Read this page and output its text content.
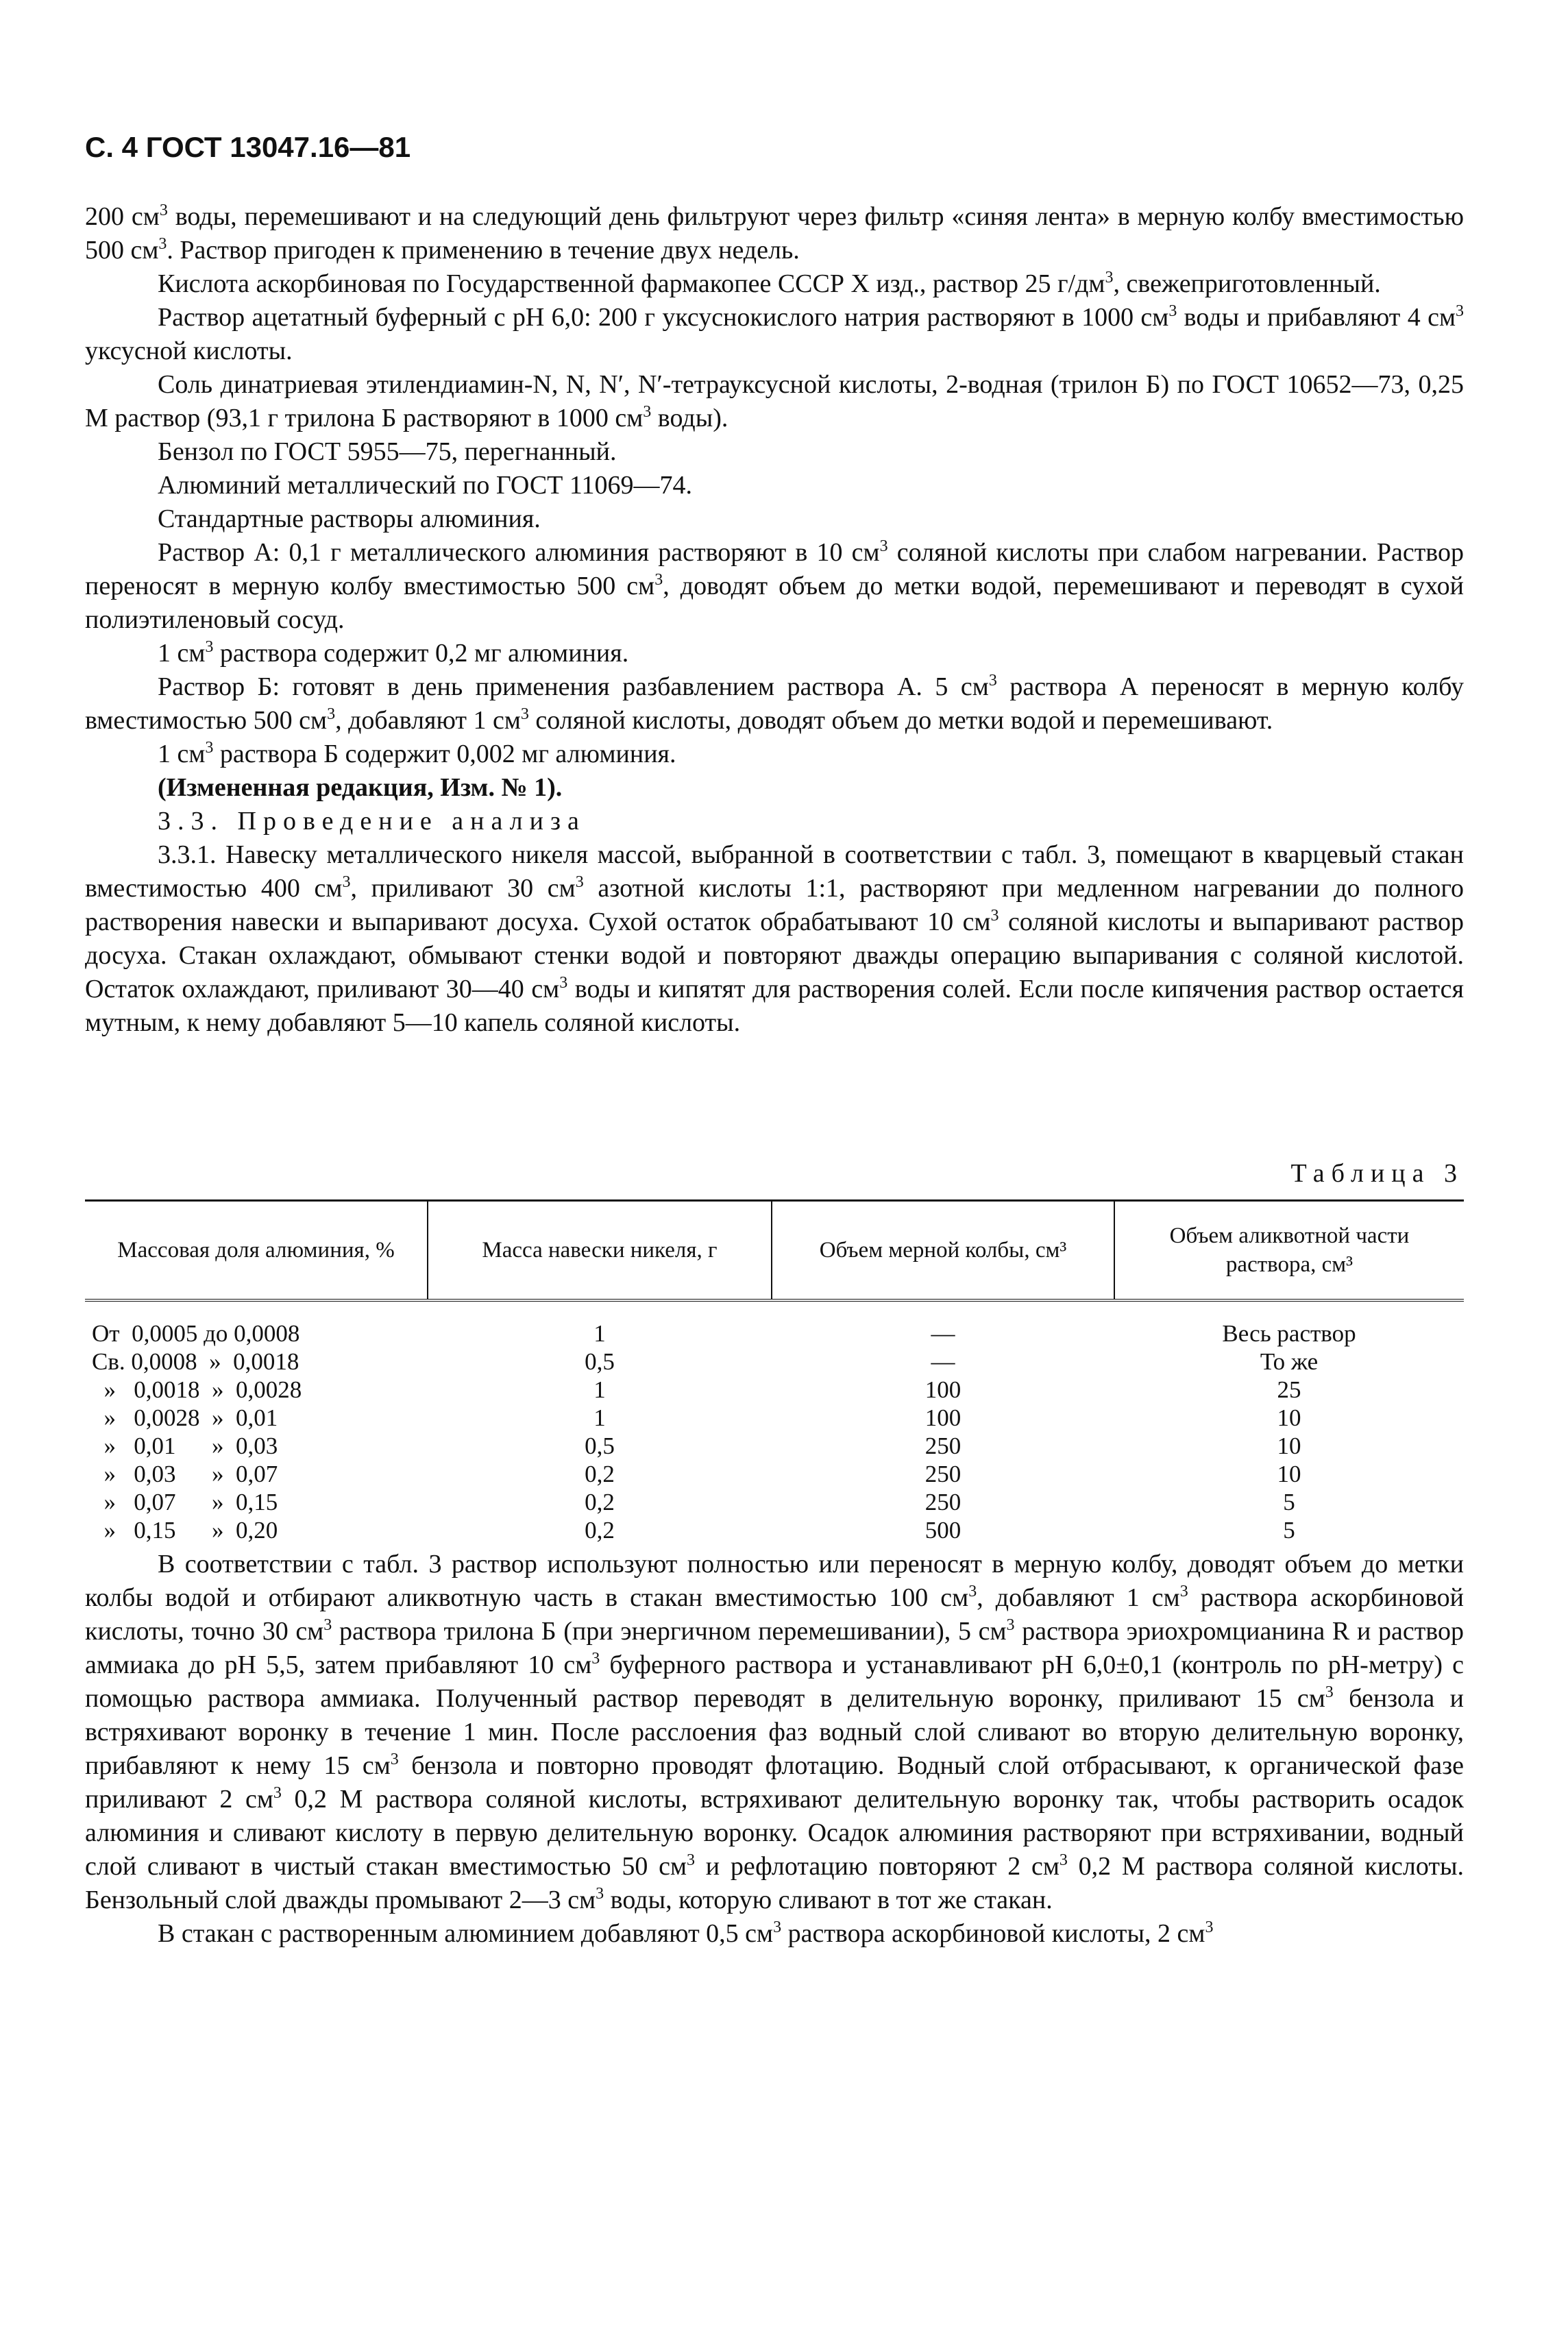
С. 4 ГОСТ 13047.16—81

200 $см^3$ воды, перемешивают и на следующий день фильтруют через фильтр «синяя лента» в мерную колбу вместимостью 500 $см^3$. Раствор пригоден к применению в течение двух недель.

Кислота аскорбиновая по Государственной фармакопее СССР X изд., раствор 25 $г/дм^3$, свежеприготовленный.

Раствор ацетатный буферный с pH 6,0: 200 г уксуснокислого натрия растворяют в 1000 $см^3$ воды и прибавляют 4 $см^3$ уксусной кислоты.

Соль динатриевая этилендиамин-N, N, N′, N′-тетрауксусной кислоты, 2-водная (трилон Б) по ГОСТ 10652—73, 0,25 М раствор (93,1 г трилона Б растворяют в 1000 $см^3$ воды).

Бензол по ГОСТ 5955—75, перегнанный.

Алюминий металлический по ГОСТ 11069—74.

Стандартные растворы алюминия.

Раствор А: 0,1 г металлического алюминия растворяют в 10 $см^3$ соляной кислоты при слабом нагревании. Раствор переносят в мерную колбу вместимостью 500 $см^3$, доводят объем до метки водой, перемешивают и переводят в сухой полиэтиленовый сосуд.

1 $см^3$ раствора содержит 0,2 мг алюминия.

Раствор Б: готовят в день применения разбавлением раствора А. 5 $см^3$ раствора А переносят в мерную колбу вместимостью 500 $см^3$, добавляют 1 $см^3$ соляной кислоты, доводят объем до метки водой и перемешивают.

1 $см^3$ раствора Б содержит 0,002 мг алюминия.

(Измененная редакция, Изм. № 1).

3.3. Проведение анализа

3.3.1. Навеску металлического никеля массой, выбранной в соответствии с табл. 3, помещают в кварцевый стакан вместимостью 400 $см^3$, приливают 30 $см^3$ азотной кислоты 1:1, растворяют при медленном нагревании до полного растворения навески и выпаривают досуха. Сухой остаток обрабатывают 10 $см^3$ соляной кислоты и выпаривают раствор досуха. Стакан охлаждают, обмывают стенки водой и повторяют дважды операцию выпаривания с соляной кислотой. Остаток охлаждают, приливают 30—40 $см^3$ воды и кипятят для растворения солей. Если после кипячения раствор остается мутным, к нему добавляют 5—10 капель соляной кислоты.

Таблица 3
Массовая доля алюминия, %	Масса навески никеля, г	Объем мерной колбы, см³	Объем аликвотной части раствора, см³
От  0,0005 до 0,0008	1	—	Весь раствор
Св. 0,0008  »  0,0018	0,5	—	То же
»   0,0018  »  0,0028	1	100	25
»   0,0028  »  0,01	1	100	10
»   0,01      »  0,03	0,5	250	10
»   0,03      »  0,07	0,2	250	10
»   0,07      »  0,15	0,2	250	5
»   0,15      »  0,20	0,2	500	5

В соответствии с табл. 3 раствор используют полностью или переносят в мерную колбу, доводят объем до метки колбы водой и отбирают аликвотную часть в стакан вместимостью 100 $см^3$, добавляют 1 $см^3$ раствора аскорбиновой кислоты, точно 30 $см^3$ раствора трилона Б (при энергичном перемешивании), 5 $см^3$ раствора эриохромцианина R и раствор аммиака до pH 5,5, затем прибавляют 10 $см^3$ буферного раствора и устанавливают pH 6,0±0,1 (контроль по pH-метру) с помощью раствора аммиака. Полученный раствор переводят в делительную воронку, приливают 15 $см^3$ бензола и встряхивают воронку в течение 1 мин. После расслоения фаз водный слой сливают во вторую делительную воронку, прибавляют к нему 15 $см^3$ бензола и повторно проводят флотацию. Водный слой отбрасывают, к органической фазе приливают 2 $см^3$ 0,2 М раствора соляной кислоты, встряхивают делительную воронку так, чтобы растворить осадок алюминия и сливают кислоту в первую делительную воронку. Осадок алюминия растворяют при встряхивании, водный слой сливают в чистый стакан вместимостью 50 $см^3$ и рефлотацию повторяют 2 $см^3$ 0,2 М раствора соляной кислоты. Бензольный слой дважды промывают 2—3 $см^3$ воды, которую сливают в тот же стакан.

В стакан с растворенным алюминием добавляют 0,5 $см^3$ раствора аскорбиновой кислоты, 2 $см^3$
